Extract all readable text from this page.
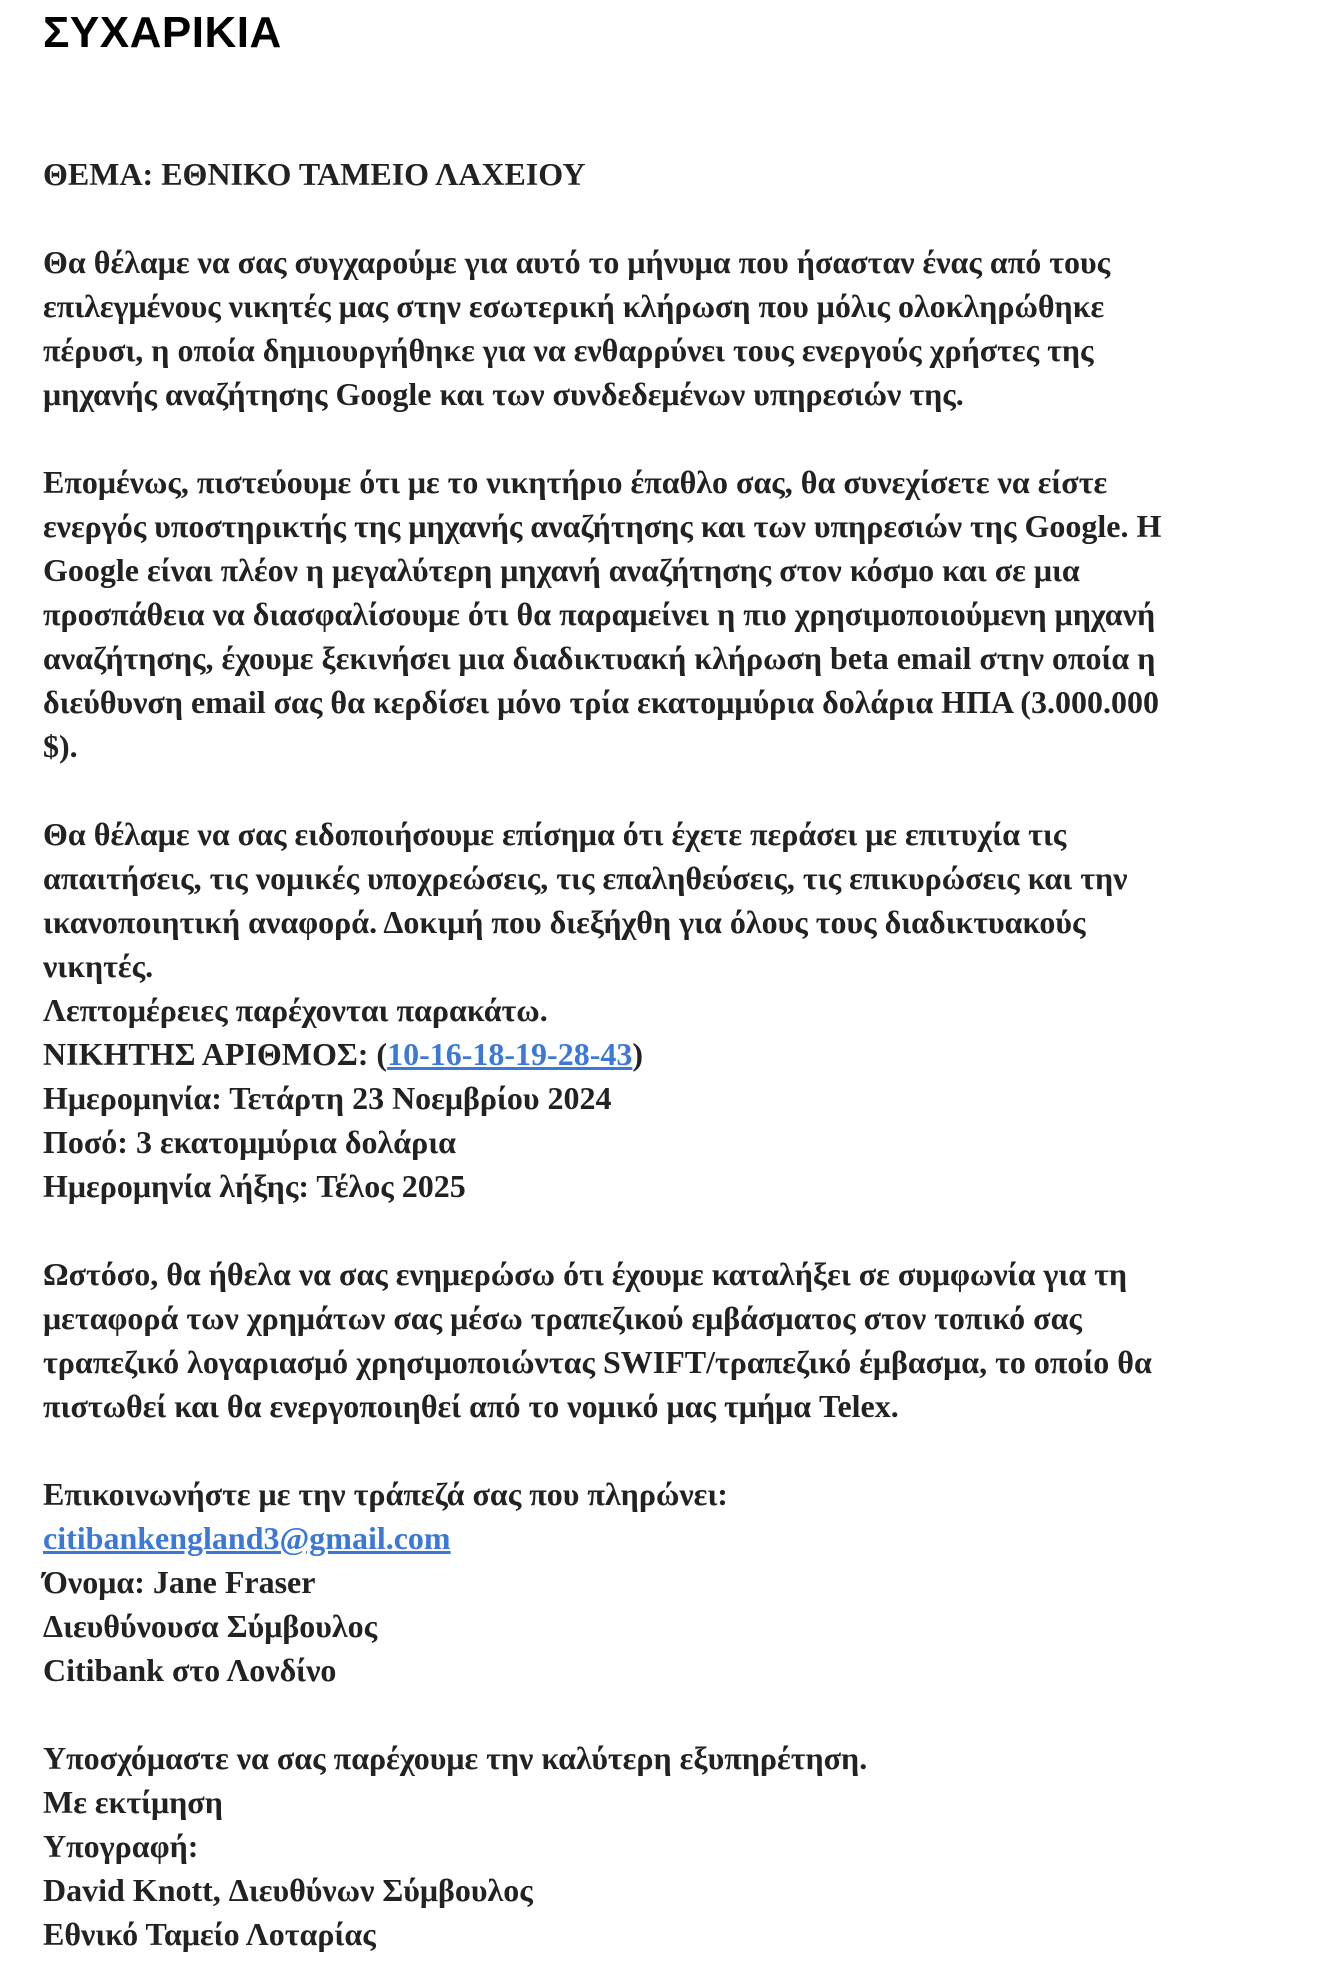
ΣΥΧΑΡΙΚΙΑ
ΘΕΜΑ: ΕΘΝΙΚΟ ΤΑΜΕΙΟ ΛΑΧΕΙΟΥ
Θα θέλαμε να σας συγχαρούμε για αυτό το μήνυμα που ήσασταν ένας από τους
επιλεγμένους νικητές μας στην εσωτερική κλήρωση που μόλις ολοκληρώθηκε
πέρυσι, η οποία δημιουργήθηκε για να ενθαρρύνει τους ενεργούς χρήστες της
μηχανής αναζήτησης Google και των συνδεδεμένων υπηρεσιών της.
Επομένως, πιστεύουμε ότι με το νικητήριο έπαθλο σας, θα συνεχίσετε να είστε
ενεργός υποστηρικτής της μηχανής αναζήτησης και των υπηρεσιών της Google. Η
Google είναι πλέον η μεγαλύτερη μηχανή αναζήτησης στον κόσμο και σε μια
προσπάθεια να διασφαλίσουμε ότι θα παραμείνει η πιο χρησιμοποιούμενη μηχανή
αναζήτησης, έχουμε ξεκινήσει μια διαδικτυακή κλήρωση beta email στην οποία η
διεύθυνση email σας θα κερδίσει μόνο τρία εκατομμύρια δολάρια ΗΠΑ (3.000.000
$).
Θα θέλαμε να σας ειδοποιήσουμε επίσημα ότι έχετε περάσει με επιτυχία τις
απαιτήσεις, τις νομικές υποχρεώσεις, τις επαληθεύσεις, τις επικυρώσεις και την
ικανοποιητική αναφορά. Δοκιμή που διεξήχθη για όλους τους διαδικτυακούς
νικητές.
Λεπτομέρειες παρέχονται παρακάτω.
ΝΙΚΗΤΗΣ ΑΡΙΘΜΟΣ: (10-16-18-19-28-43)
Ημερομηνία: Τετάρτη 23 Νοεμβρίου 2024
Ποσό: 3 εκατομμύρια δολάρια
Ημερομηνία λήξης: Τέλος 2025
Ωστόσο, θα ήθελα να σας ενημερώσω ότι έχουμε καταλήξει σε συμφωνία για τη
μεταφορά των χρημάτων σας μέσω τραπεζικού εμβάσματος στον τοπικό σας
τραπεζικό λογαριασμό χρησιμοποιώντας SWIFT/τραπεζικό έμβασμα, το οποίο θα
πιστωθεί και θα ενεργοποιηθεί από το νομικό μας τμήμα Telex.
Επικοινωνήστε με την τράπεζά σας που πληρώνει:
citibankengland3@gmail.com
Όνομα: Jane Fraser
Διευθύνουσα Σύμβουλος
Citibank στο Λονδίνο
Υποσχόμαστε να σας παρέχουμε την καλύτερη εξυπηρέτηση.
Με εκτίμηση
Υπογραφή:
David Knott, Διευθύνων Σύμβουλος
Εθνικό Ταμείο Λοταρίας
